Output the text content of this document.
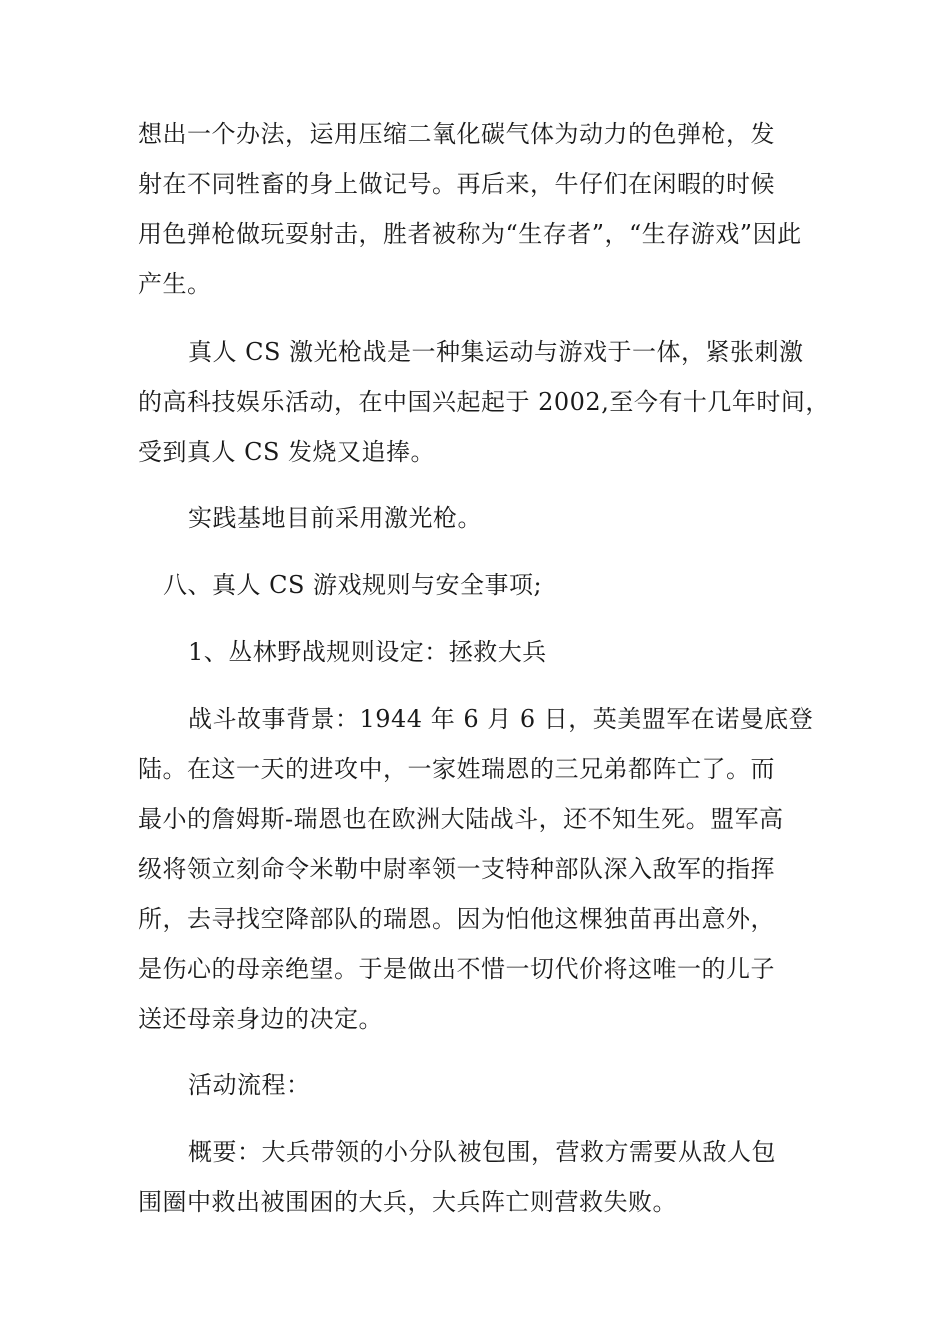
想出一个办法，运用压缩二氧化碳气体为动力的色弹枪，发
射在不同牲畜的身上做记号。再后来，牛仔们在闲暇的时候
用色弹枪做玩耍射击，胜者被称为“生存者”，“生存游戏”因此
产生。
真人 CS 激光枪战是一种集运动与游戏于一体，紧张刺激
的高科技娱乐活动，在中国兴起起于 2002,至今有十几年时间，
受到真人 CS 发烧又追捧。
实践基地目前采用激光枪。
八、真人 CS 游戏规则与安全事项;
1、丛林野战规则设定：拯救大兵
战斗故事背景：1944 年 6 月 6 日，英美盟军在诺曼底登
陆。在这一天的进攻中，一家姓瑞恩的三兄弟都阵亡了。而
最小的詹姆斯-瑞恩也在欧洲大陆战斗，还不知生死。盟军高
级将领立刻命令米勒中尉率领一支特种部队深入敌军的指挥
所，去寻找空降部队的瑞恩。因为怕他这棵独苗再出意外，
是伤心的母亲绝望。于是做出不惜一切代价将这唯一的儿子
送还母亲身边的决定。
活动流程：
概要：大兵带领的小分队被包围，营救方需要从敌人包
围圈中救出被围困的大兵，大兵阵亡则营救失败。
